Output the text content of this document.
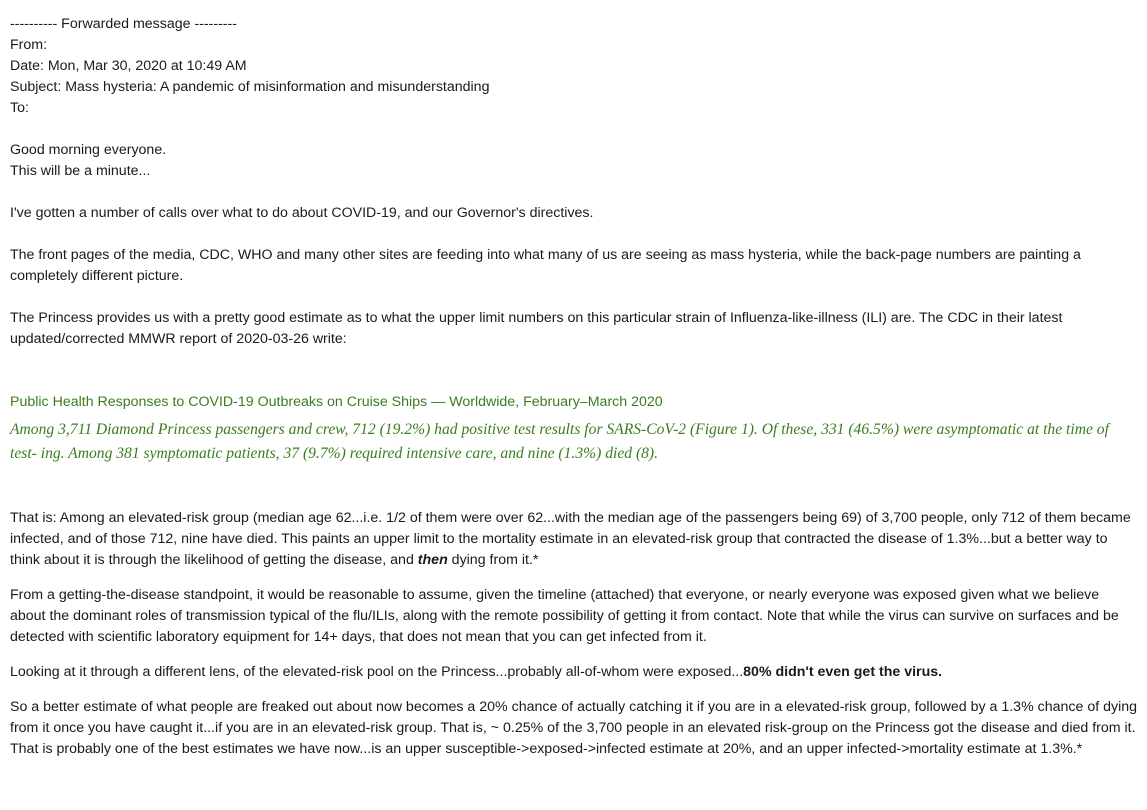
---------- Forwarded message ---------
From:
Date: Mon, Mar 30, 2020 at 10:49 AM
Subject: Mass hysteria: A pandemic of misinformation and misunderstanding
To:
Good morning everyone.
This will be a minute...

I've gotten a number of calls over what to do about COVID-19, and our Governor's directives.

The front pages of the media, CDC, WHO and many other sites are feeding into what many of us are seeing as mass hysteria, while the back-page numbers are painting a completely different picture.

The Princess provides us with a pretty good estimate as to what the upper limit numbers on this particular strain of Influenza-like-illness (ILI) are. The CDC in their latest updated/corrected MMWR report of 2020-03-26 write:

Public Health Responses to COVID-19 Outbreaks on Cruise Ships — Worldwide, February–March 2020

Among 3,711 Diamond Princess passengers and crew, 712 (19.2%) had positive test results for SARS-CoV-2 (Figure 1). Of these, 331 (46.5%) were asymptomatic at the time of test- ing. Among 381 symptomatic patients, 37 (9.7%) required intensive care, and nine (1.3%) died (8).

That is: Among an elevated-risk group (median age 62...i.e. 1/2 of them were over 62...with the median age of the passengers being 69) of 3,700 people, only 712 of them became infected, and of those 712, nine have died. This paints an upper limit to the mortality estimate in an elevated-risk group that contracted the disease of 1.3%...but a better way to think about it is through the likelihood of getting the disease, and then dying from it.*

From a getting-the-disease standpoint, it would be reasonable to assume, given the timeline (attached) that everyone, or nearly everyone was exposed given what we believe about the dominant roles of transmission typical of the flu/ILIs, along with the remote possibility of getting it from contact. Note that while the virus can survive on surfaces and be detected with scientific laboratory equipment for 14+ days, that does not mean that you can get infected from it.

Looking at it through a different lens, of the elevated-risk pool on the Princess...probably all-of-whom were exposed...80% didn't even get the virus.

So a better estimate of what people are freaked out about now becomes a 20% chance of actually catching it if you are in a elevated-risk group, followed by a 1.3% chance of dying from it once you have caught it...if you are in an elevated-risk group. That is, ~ 0.25% of the 3,700 people in an elevated risk-group on the Princess got the disease and died from it. That is probably one of the best estimates we have now...is an upper susceptible->exposed->infected estimate at 20%, and an upper infected->mortality estimate at 1.3%.*
